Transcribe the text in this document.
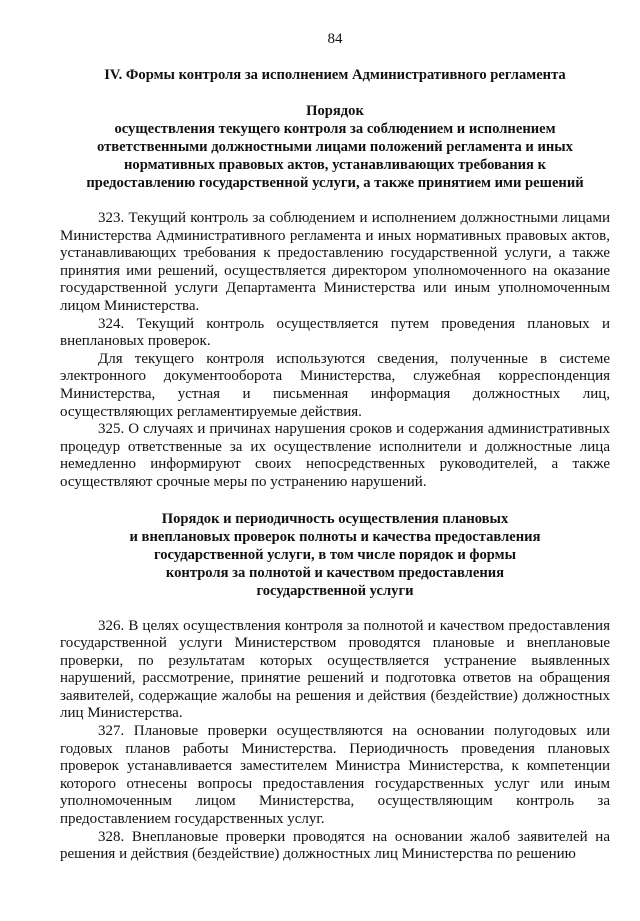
84
IV. Формы контроля за исполнением Административного регламента
Порядок
осуществления текущего контроля за соблюдением и исполнением
ответственными должностными лицами положений регламента и иных
нормативных правовых актов, устанавливающих требования к
предоставлению государственной услуги, а также принятием ими решений

323. Текущий контроль за соблюдением и исполнением должностными лицами Министерства Административного регламента и иных нормативных правовых актов, устанавливающих требования к предоставлению государственной услуги, а также принятия ими решений, осуществляется директором уполномоченного на оказание государственной услуги Департамента Министерства или иным уполномоченным лицом Министерства.

324. Текущий контроль осуществляется путем проведения плановых и внеплановых проверок.

Для текущего контроля используются сведения, полученные в системе электронного документооборота Министерства, служебная корреспонденция Министерства, устная и письменная информация должностных лиц, осуществляющих регламентируемые действия.

325. О случаях и причинах нарушения сроков и содержания административных процедур ответственные за их осуществление исполнители и должностные лица немедленно информируют своих непосредственных руководителей, а также осуществляют срочные меры по устранению нарушений.

Порядок и периодичность осуществления плановых
и внеплановых проверок полноты и качества предоставления
государственной услуги, в том числе порядок и формы
контроля за полнотой и качеством предоставления
государственной услуги

326. В целях осуществления контроля за полнотой и качеством предоставления государственной услуги Министерством проводятся плановые и внеплановые проверки, по результатам которых осуществляется устранение выявленных нарушений, рассмотрение, принятие решений и подготовка ответов на обращения заявителей, содержащие жалобы на решения и действия (бездействие) должностных лиц Министерства.

327. Плановые проверки осуществляются на основании полугодовых или годовых планов работы Министерства. Периодичность проведения плановых проверок устанавливается заместителем Министра Министерства, к компетенции которого отнесены вопросы предоставления государственных услуг или иным уполномоченным лицом Министерства, осуществляющим контроль за предоставлением государственных услуг.

328. Внеплановые проверки проводятся на основании жалоб заявителей на решения и действия (бездействие) должностных лиц Министерства по решению
